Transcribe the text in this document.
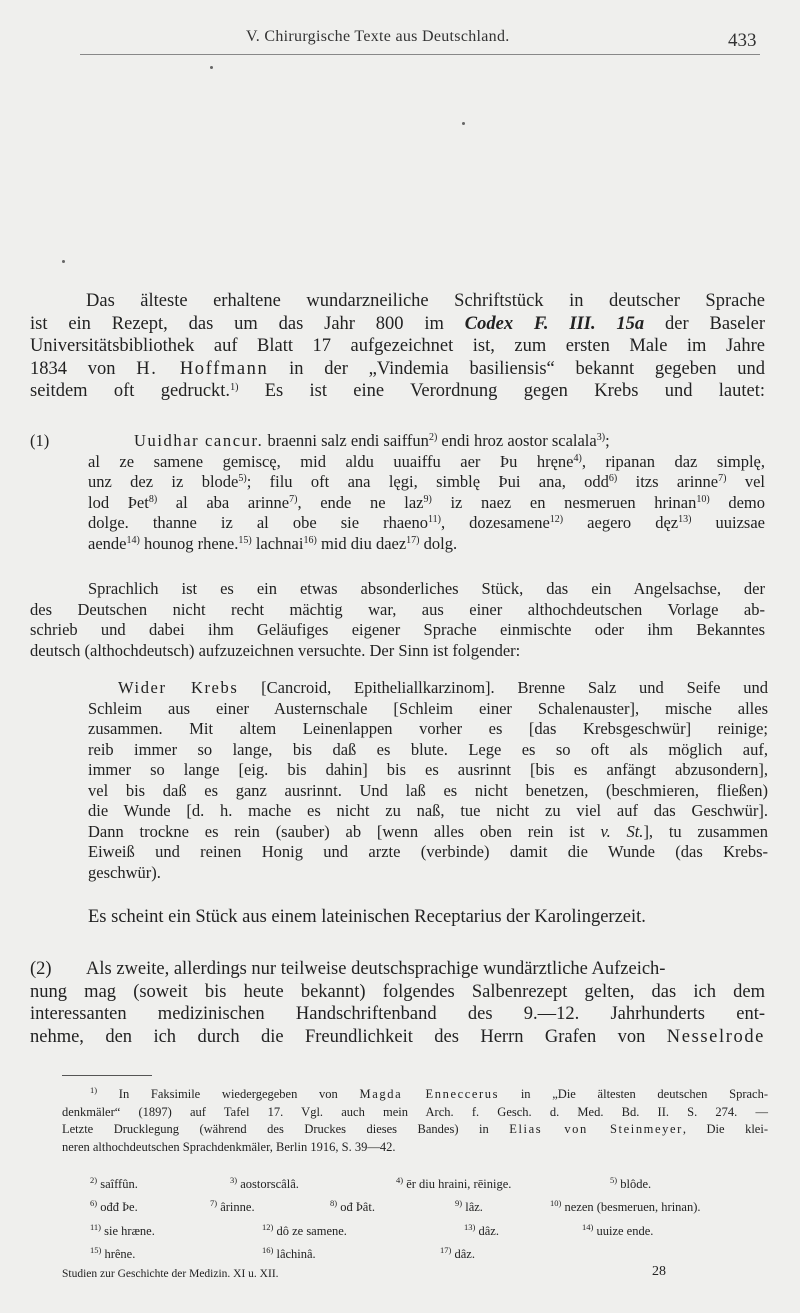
V. Chirurgische Texte aus Deutschland.	433
Das älteste erhaltene wundarzneiliche Schriftstück in deutscher Sprache
ist ein Rezept, das um das Jahr 800 im Codex F. III. 15a der Baseler
Universitätsbibliothek auf Blatt 17 aufgezeichnet ist, zum ersten Male im Jahre
1834 von H. Hoffmann in der „Vindemia basiliensis“ bekannt gegeben und
seitdem oft gedruckt.$^{1)}$ Es ist eine Verordnung gegen Krebs und lautet:
(1)	Uuidhar cancur. braenni salz endi saiffun$^{2)}$ endi hroz aostor scalala$^{3)}$;
al ze samene gemiscę, mid aldu uuaiffu aer Þu hręne$^{4)}$, ripanan daz simplę,
unz dez iz blode$^{5)}$; filu oft ana lęgi, simblę Þui ana, odd$^{6)}$ itzs arinne$^{7)}$ vel
lod Þet$^{8)}$ al aba arinne$^{7)}$, ende ne laz$^{9)}$ iz naez en nesmeruen hrinan$^{10)}$ demo
dolge. thanne iz al obe sie rhaeno$^{11)}$, dozesamene$^{12)}$ aegero dęz$^{13)}$ uuizsae
aende$^{14)}$ hounog rhene.$^{15)}$ lachnai$^{16)}$ mid diu daez$^{17)}$ dolg.
Sprachlich ist es ein etwas absonderliches Stück, das ein Angelsachse, der
des Deutschen nicht recht mächtig war, aus einer althochdeutschen Vorlage ab-
schrieb und dabei ihm Geläufiges eigener Sprache einmischte oder ihm Bekanntes
deutsch (althochdeutsch) aufzuzeichnen versuchte. Der Sinn ist folgender:
Wider Krebs [Cancroid, Epitheliallkarzinom]. Brenne Salz und Seife und
Schleim aus einer Austernschale [Schleim einer Schalenauster], mische alles
zusammen. Mit altem Leinenlappen vorher es [das Krebsgeschwür] reinige;
reib immer so lange, bis daß es blute. Lege es so oft als möglich auf,
immer so lange [eig. bis dahin] bis es ausrinnt [bis es anfängt abzusondern],
vel bis daß es ganz ausrinnt. Und laß es nicht benetzen, (beschmieren, fließen)
die Wunde [d. h. mache es nicht zu naß, tue nicht zu viel auf das Geschwür].
Dann trockne es rein (sauber) ab [wenn alles oben rein ist v. St.], tu zusammen
Eiweiß und reinen Honig und arzte (verbinde) damit die Wunde (das Krebs-
geschwür).
Es scheint ein Stück aus einem lateinischen Receptarius der Karolingerzeit.
(2) Als zweite, allerdings nur teilweise deutschsprachige wundärztliche Aufzeich-
nung mag (soweit bis heute bekannt) folgendes Salbenrezept gelten, das ich dem
interessanten medizinischen Handschriftenband des 9.—12. Jahrhunderts ent-
nehme, den ich durch die Freundlichkeit des Herrn Grafen von Nesselrode
$^{1)}$ In Faksimile wiedergegeben von Magda Enneccerus in „Die ältesten deutschen Sprach-
denkmäler“ (1897) auf Tafel 17. Vgl. auch mein Arch. f. Gesch. d. Med. Bd. II. S. 274. —
Letzte Drucklegung (während des Druckes dieses Bandes) in Elias von Steinmeyer, Die klei-
neren althochdeutschen Sprachdenkmäler, Berlin 1916, S. 39—42.
$^{2)}$ saîffûn.	$^{3)}$ aostorscâlâ.	$^{4)}$ ēr diu hraini, rēinige.	$^{5)}$ blôde.
$^{6)}$ ođđ Þe.	$^{7)}$ ârinne.	$^{8)}$ ođ Þât.	$^{9)}$ lâz.	$^{10)}$ nezen (besmeruen, hrinan).
$^{11)}$ sie hræne.	$^{12)}$ dô ze samene.	$^{13)}$ dâz.	$^{14)}$ uuize ende.
$^{15)}$ hrêne.	$^{16)}$ lâchinâ.	$^{17)}$ dâz.
Studien zur Geschichte der Medizin. XI u. XII.	28
